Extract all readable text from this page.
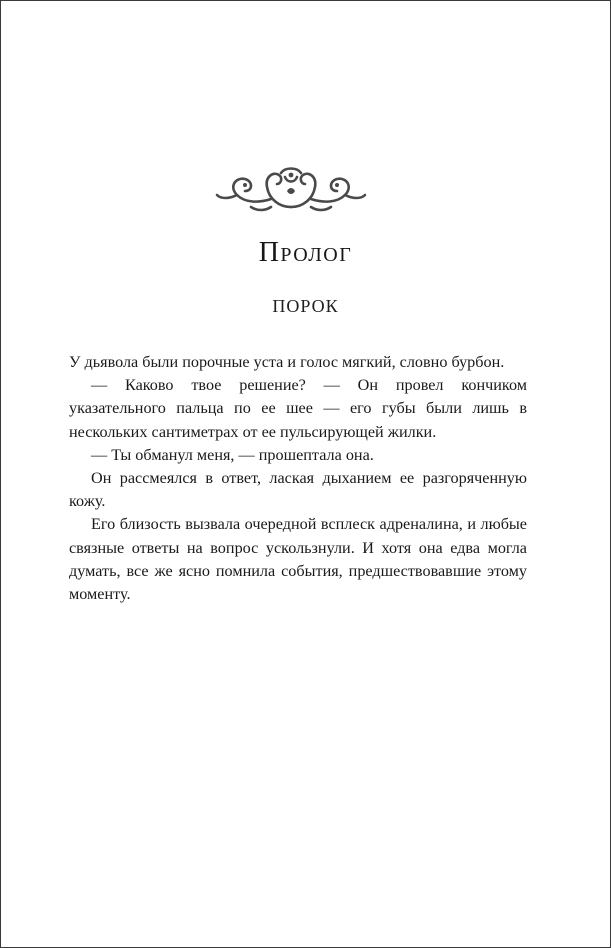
Пролог
ПОРОК

У дьявола были порочные уста и голос мягкий, словно бурбон.

— Каково твое решение? — Он провел кончиком указательного пальца по ее шее — его губы были лишь в нескольких сантиметрах от ее пульсирующей жилки.

— Ты обманул меня, — прошептала она.

Он рассмеялся в ответ, лаская дыханием ее разгоряченную кожу.

Его близость вызвала очередной всплеск адреналина, и любые связные ответы на вопрос ускользнули. И хотя она едва могла думать, все же ясно помнила события, предшествовавшие этому моменту.
